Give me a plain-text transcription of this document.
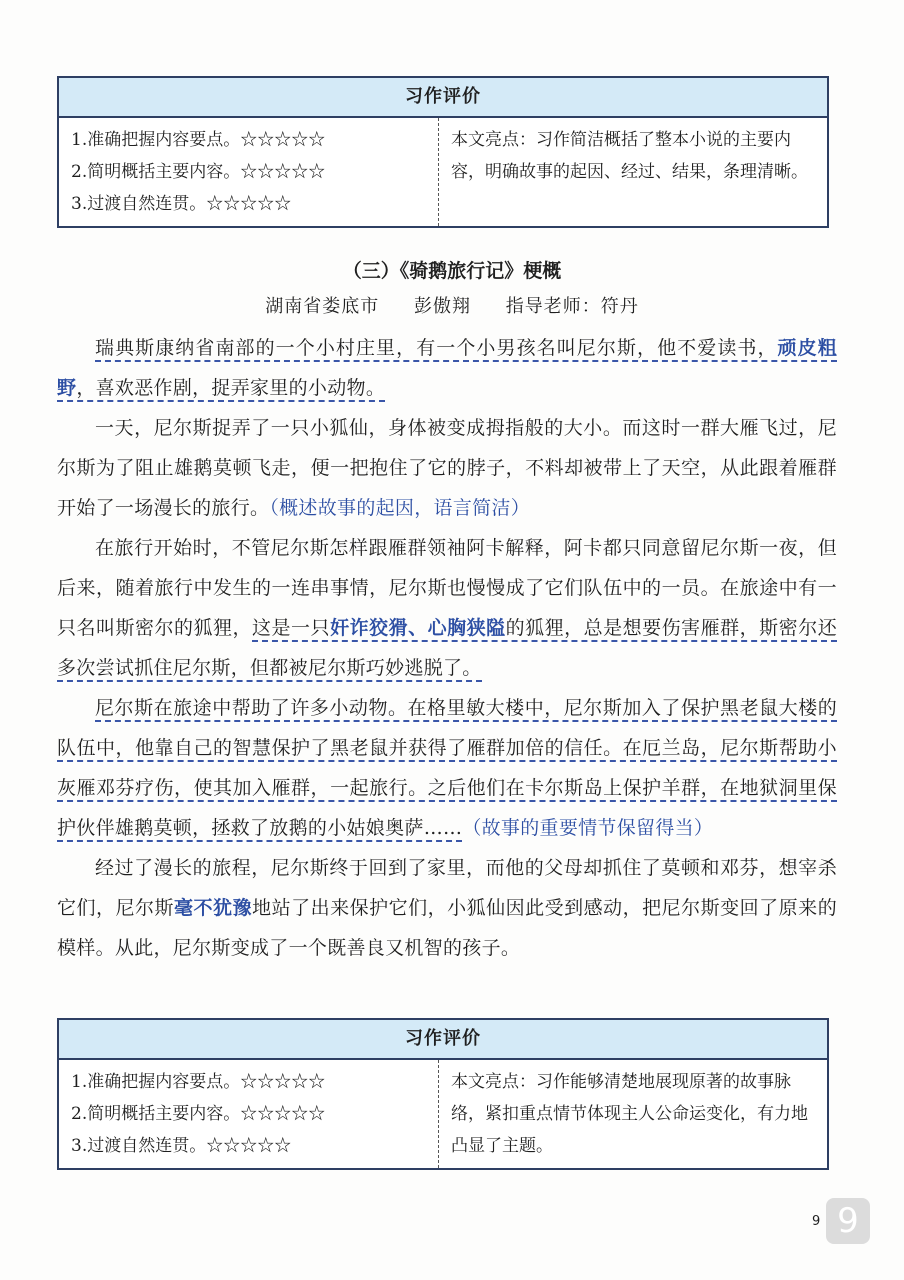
习作评价
1.准确把握内容要点。☆☆☆☆☆
2.简明概括主要内容。☆☆☆☆☆
3.过渡自然连贯。☆☆☆☆☆
本文亮点：习作简洁概括了整本小说的主要内容，明确故事的起因、经过、结果，条理清晰。
（三）《骑鹅旅行记》梗概
湖南省娄底市 彭傲翔 指导老师：符丹

瑞典斯康纳省南部的一个小村庄里，有一个小男孩名叫尼尔斯，他不爱读书，顽皮粗野，喜欢恶作剧，捉弄家里的小动物。

一天，尼尔斯捉弄了一只小狐仙，身体被变成拇指般的大小。而这时一群大雁飞过，尼尔斯为了阻止雄鹅莫顿飞走，便一把抱住了它的脖子，不料却被带上了天空，从此跟着雁群开始了一场漫长的旅行。（概述故事的起因，语言简洁）

在旅行开始时，不管尼尔斯怎样跟雁群领袖阿卡解释，阿卡都只同意留尼尔斯一夜，但后来，随着旅行中发生的一连串事情，尼尔斯也慢慢成了它们队伍中的一员。在旅途中有一只名叫斯密尔的狐狸，这是一只奸诈狡猾、心胸狭隘的狐狸，总是想要伤害雁群，斯密尔还多次尝试抓住尼尔斯，但都被尼尔斯巧妙逃脱了。

尼尔斯在旅途中帮助了许多小动物。在格里敏大楼中，尼尔斯加入了保护黑老鼠大楼的队伍中，他靠自己的智慧保护了黑老鼠并获得了雁群加倍的信任。在厄兰岛，尼尔斯帮助小灰雁邓芬疗伤，使其加入雁群，一起旅行。之后他们在卡尔斯岛上保护羊群，在地狱洞里保护伙伴雄鹅莫顿，拯救了放鹅的小姑娘奥萨……（故事的重要情节保留得当）

经过了漫长的旅程，尼尔斯终于回到了家里，而他的父母却抓住了莫顿和邓芬，想宰杀它们，尼尔斯毫不犹豫地站了出来保护它们，小狐仙因此受到感动，把尼尔斯变回了原来的模样。从此，尼尔斯变成了一个既善良又机智的孩子。

习作评价
1.准确把握内容要点。☆☆☆☆☆
2.简明概括主要内容。☆☆☆☆☆
3.过渡自然连贯。☆☆☆☆☆
本文亮点：习作能够清楚地展现原著的故事脉络，紧扣重点情节体现主人公命运变化，有力地凸显了主题。
9 9
